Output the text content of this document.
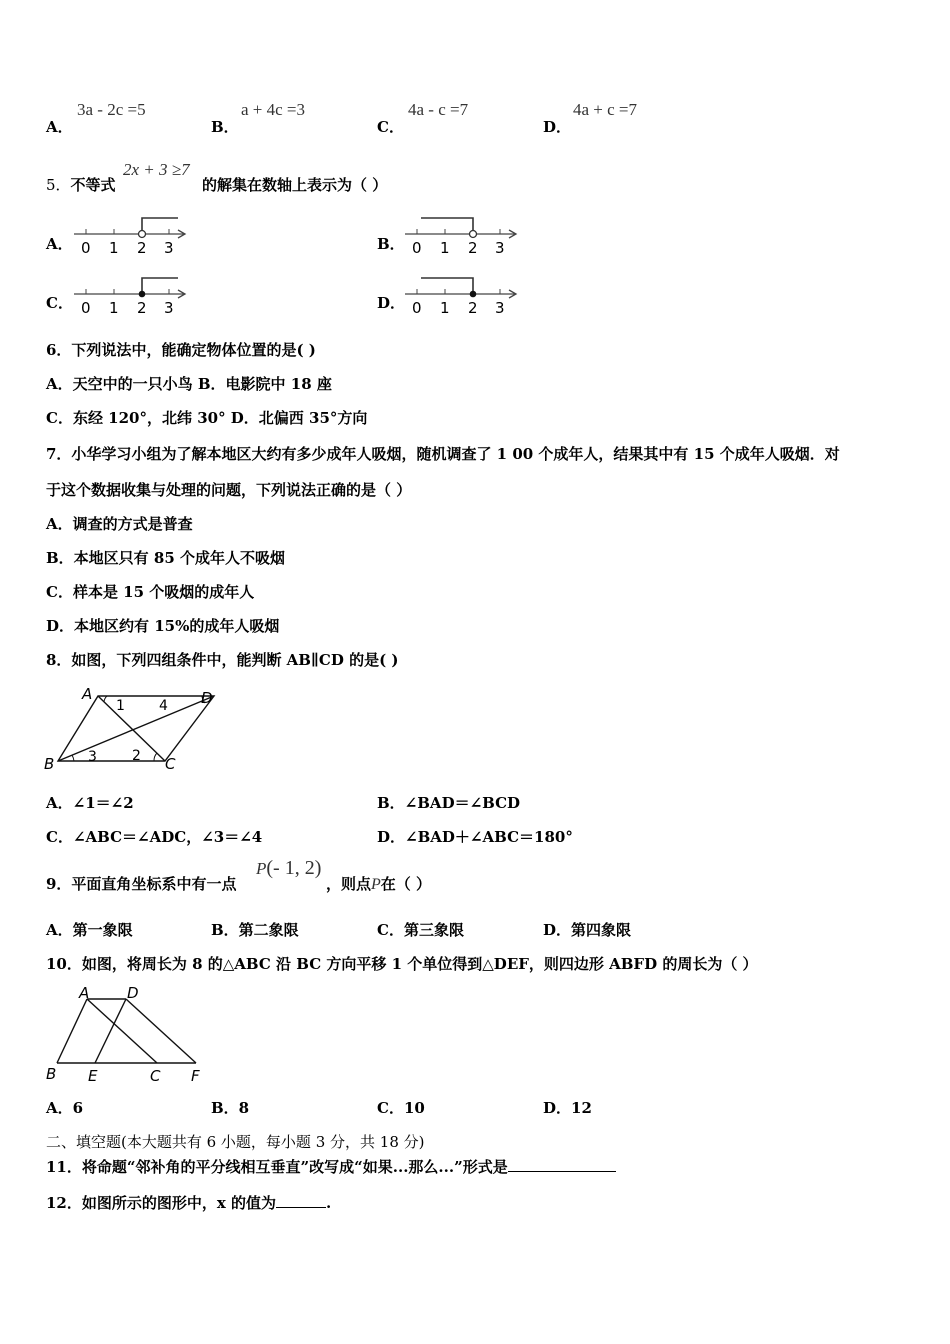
A．
3a - 2c =5
B．
a + 4c =3
C．
4a - c =7
D．
4a + c =7
5．不等式
2x + 3 ≥7
的解集在数轴上表示为（ ）
A．	B．
C．	D．
0 1 2 3	0 1 2 3
0 1 2 3	0 1 2 3
6．下列说法中，能确定物体位置的是( )
A．天空中的一只小鸟 B．电影院中 18 座
C．东经 120°，北纬 30° D．北偏西 35°方向
7．小华学习小组为了解本地区大约有多少成年人吸烟，随机调查了 1 00 个成年人，结果其中有 15 个成年人吸烟．对
于这个数据收集与处理的问题，下列说法正确的是（ ）
A．调查的方式是普查
B．本地区只有 85 个成年人不吸烟
C．样本是 15 个吸烟的成年人
D．本地区约有 15%的成年人吸烟
8．如图，下列四组条件中，能判断 AB∥CD 的是( )
A	D
B	C
1 4
3	2
A．∠1＝∠2	B．∠BAD＝∠BCD
C．∠ABC＝∠ADC，∠3＝∠4	D．∠BAD＋∠ABC＝180°
9．平面直角坐标系中有一点
P(- 1, 2)
，则点P在（ ）
A．第一象限	B．第二象限	C．第三象限	D．第四象限
10．如图，将周长为 8 的△ABC 沿 BC 方向平移 1 个单位得到△DEF，则四边形 ABFD 的周长为（ ）
A	D
B E	C F
A．6	B．8	C．10	D．12
二、填空题(本大题共有 6 小题，每小题 3 分，共 18 分)
11．将命题“邻补角的平分线相互垂直”改写成“如果...那么...”形式是
12．如图所示的图形中，x 的值为	.
